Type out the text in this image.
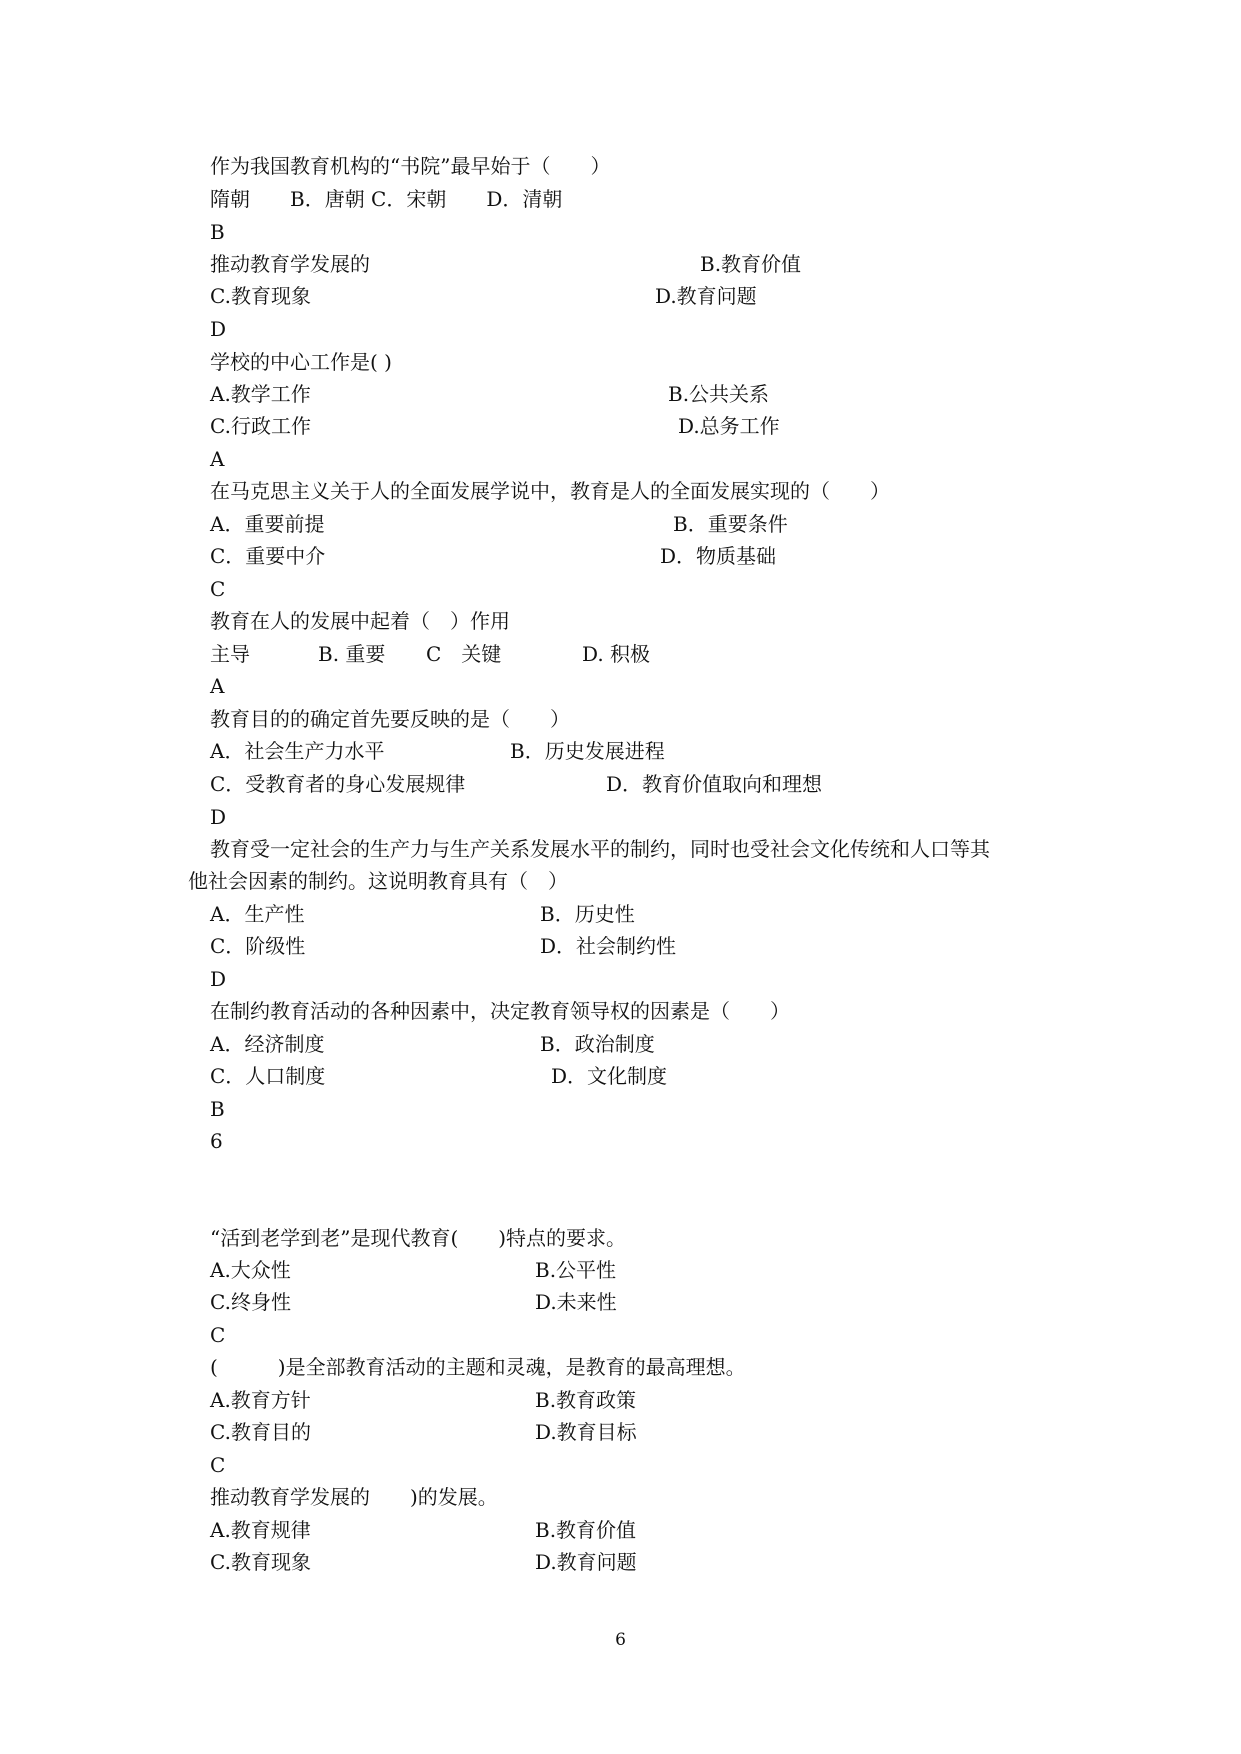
作为我国教育机构的“书院”最早始于（　　）
隋朝　　B．唐朝 C．宋朝　　D．清朝
B
推动教育学发展的	B.教育价值
C.教育现象	D.教育问题
D
学校的中心工作是( )
A.教学工作	B.公共关系
C.行政工作	D.总务工作
A
在马克思主义关于人的全面发展学说中，教育是人的全面发展实现的（　　）
A．重要前提	B．重要条件
C．重要中介	D．物质基础
C
教育在人的发展中起着（　）作用
主导	B. 重要 C　关键	D. 积极
A
教育目的的确定首先要反映的是（　　）
A．社会生产力水平	B．历史发展进程
C．受教育者的身心发展规律	D．教育价值取向和理想
D
教育受一定社会的生产力与生产关系发展水平的制约，同时也受社会文化传统和人口等其
他社会因素的制约。这说明教育具有（　）
A．生产性	B．历史性
C．阶级性	D．社会制约性
D
在制约教育活动的各种因素中，决定教育领导权的因素是（　　）
A．经济制度	B．政治制度
C．人口制度	D．文化制度
B
6
“活到老学到老”是现代教育(　　)特点的要求。
A.大众性	B.公平性
C.终身性	D.未来性
C
(　　　)是全部教育活动的主题和灵魂，是教育的最高理想。
A.教育方针	B.教育政策
C.教育目的	D.教育目标
C
推动教育学发展的　　)的发展。
A.教育规律	B.教育价值
C.教育现象	D.教育问题
6
